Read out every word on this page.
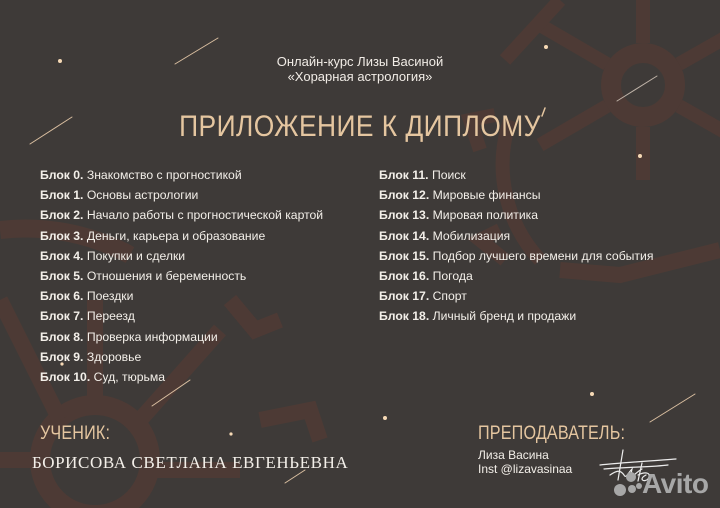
Онлайн-курс Лизы Васиной
«Хорарная астрология»
ПРИЛОЖЕНИЕ К ДИПЛОМУ
Блок 0. Знакомство с прогностикой
Блок 1. Основы астрологии
Блок 2. Начало работы с прогностической картой
Блок 3. Деньги, карьера и образование
Блок 4. Покупки и сделки
Блок 5. Отношения и беременность
Блок 6. Поездки
Блок 7. Переезд
Блок 8. Проверка информации
Блок 9. Здоровье
Блок 10. Суд, тюрьма
Блок 11. Поиск
Блок 12. Мировые финансы
Блок 13. Мировая политика
Блок 14. Мобилизация
Блок 15. Подбор лучшего времени для события
Блок 16. Погода
Блок 17. Спорт
Блок 18. Личный бренд и продажи
УЧЕНИК:
БОРИСОВА СВЕТЛАНА ЕВГЕНЬЕВНА
ПРЕПОДАВАТЕЛЬ:
Лиза Васина
Inst @lizavasinaa Avito
